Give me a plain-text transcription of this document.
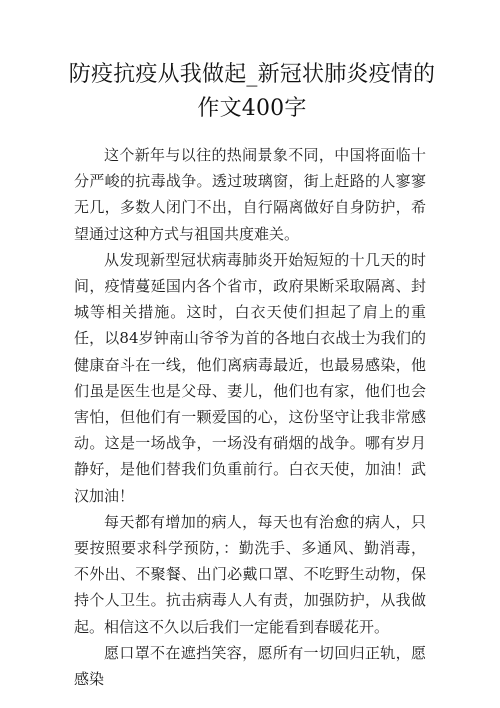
防疫抗疫从我做起_新冠状肺炎疫情的作文400字

这个新年与以往的热闹景象不同，中国将面临十分严峻的抗毒战争。透过玻璃窗，街上赶路的人寥寥无几，多数人闭门不出，自行隔离做好自身防护，希望通过这种方式与祖国共度难关。

从发现新型冠状病毒肺炎开始短短的十几天的时间，疫情蔓延国内各个省市，政府果断采取隔离、封城等相关措施。这时，白衣天使们担起了肩上的重任，以84岁钟南山爷爷为首的各地白衣战士为我们的健康奋斗在一线，他们离病毒最近，也最易感染，他们虽是医生也是父母、妻儿，他们也有家，他们也会害怕，但他们有一颗爱国的心，这份坚守让我非常感动。这是一场战争，一场没有硝烟的战争。哪有岁月静好，是他们替我们负重前行。白衣天使，加油！武汉加油！

每天都有增加的病人，每天也有治愈的病人，只要按照要求科学预防，：勤洗手、多通风、勤消毒，不外出、不聚餐、出门必戴口罩、不吃野生动物，保持个人卫生。抗击病毒人人有责，加强防护，从我做起。相信这不久以后我们一定能看到春暖花开。

愿口罩不在遮挡笑容，愿所有一切回归正轨，愿感染
